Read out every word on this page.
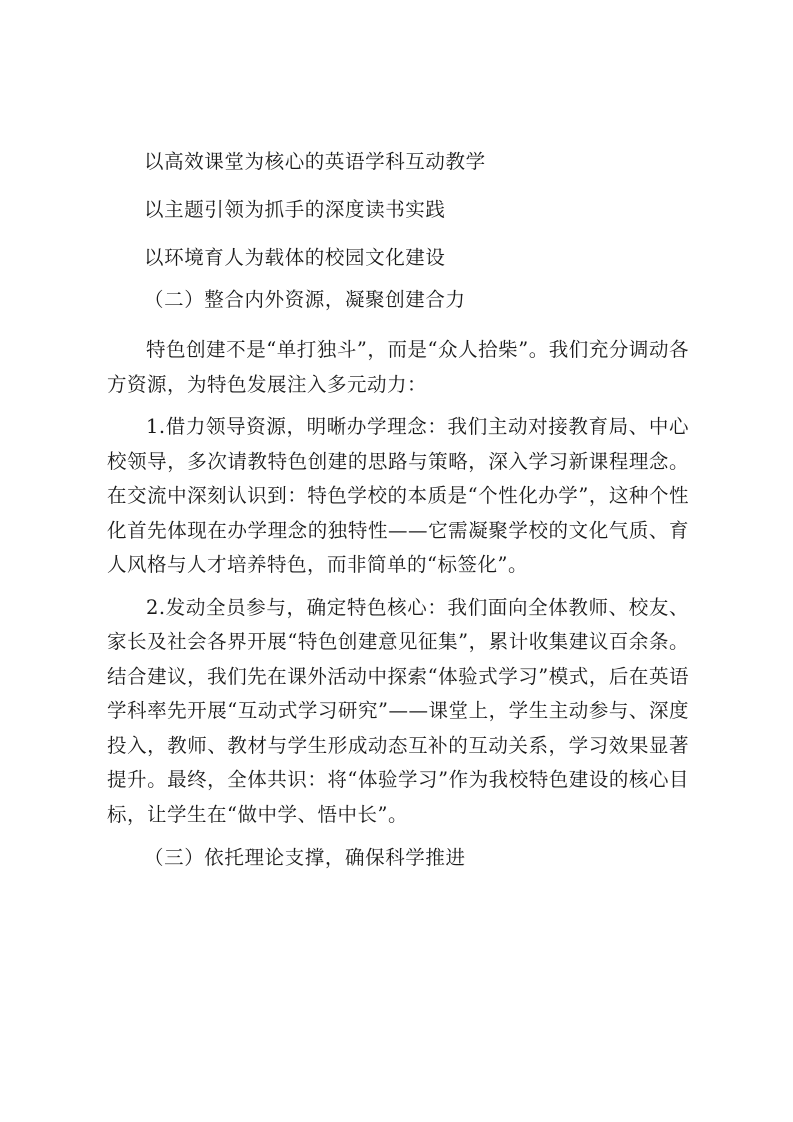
以高效课堂为核心的英语学科互动教学
以主题引领为抓手的深度读书实践
以环境育人为载体的校园文化建设
（二）整合内外资源，凝聚创建合力

特色创建不是“单打独斗”，而是“众人拾柴”。我们充分调动各方资源，为特色发展注入多元动力：

1.借力领导资源，明晰办学理念：我们主动对接教育局、中心校领导，多次请教特色创建的思路与策略，深入学习新课程理念。在交流中深刻认识到：特色学校的本质是“个性化办学”，这种个性化首先体现在办学理念的独特性——它需凝聚学校的文化气质、育人风格与人才培养特色，而非简单的“标签化”。

2.发动全员参与，确定特色核心：我们面向全体教师、校友、家长及社会各界开展“特色创建意见征集”，累计收集建议百余条。结合建议，我们先在课外活动中探索“体验式学习”模式，后在英语学科率先开展“互动式学习研究”——课堂上，学生主动参与、深度投入，教师、教材与学生形成动态互补的互动关系，学习效果显著提升。最终，全体共识：将“体验学习”作为我校特色建设的核心目标，让学生在“做中学、悟中长”。

（三）依托理论支撑，确保科学推进
